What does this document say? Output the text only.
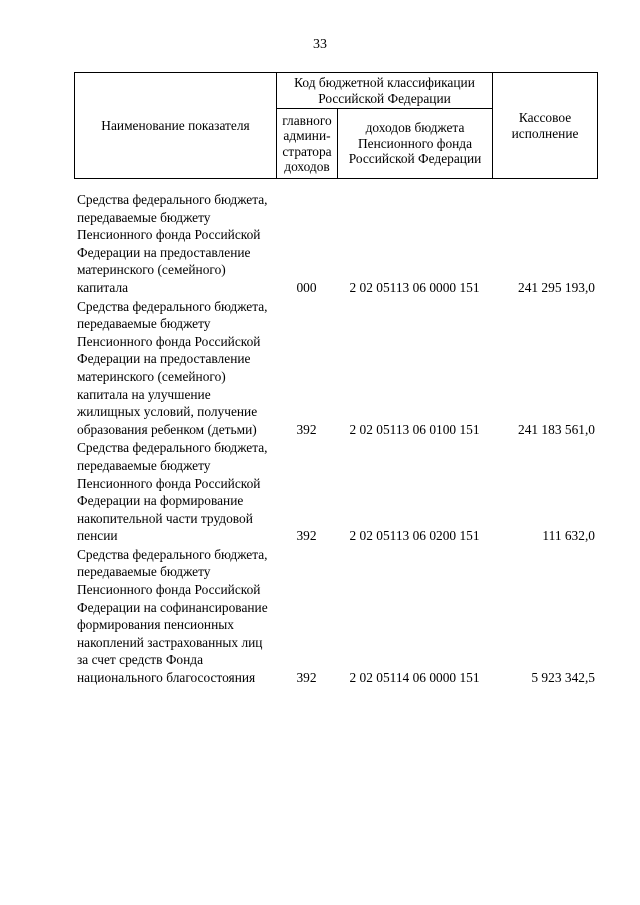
33
Наименование показателя	Код бюджетной классификации Российской Федерации		Кассовое исполнение
	главного админи-стратора доходов	доходов бюджета Пенсионного фонда Российской Федерации	
Средства федерального бюджета, передаваемые бюджету Пенсионного фонда Российской Федерации на предоставление материнского (семейного) капитала	000	2 02 05113 06 0000 151	241 295 193,0
Средства федерального бюджета, передаваемые бюджету Пенсионного фонда Российской Федерации на предоставление материнского (семейного) капитала на улучшение жилищных условий, получение образования ребенком (детьми)	392	2 02 05113 06 0100 151	241 183 561,0
Средства федерального бюджета, передаваемые бюджету Пенсионного фонда Российской Федерации на формирование накопительной части трудовой пенсии	392	2 02 05113 06 0200 151	111 632,0
Средства федерального бюджета, передаваемые бюджету Пенсионного фонда Российской Федерации на софинансирование формирования пенсионных накоплений застрахованных лиц за счет средств Фонда национального благосостояния	392	2 02 05114 06 0000 151	5 923 342,5
